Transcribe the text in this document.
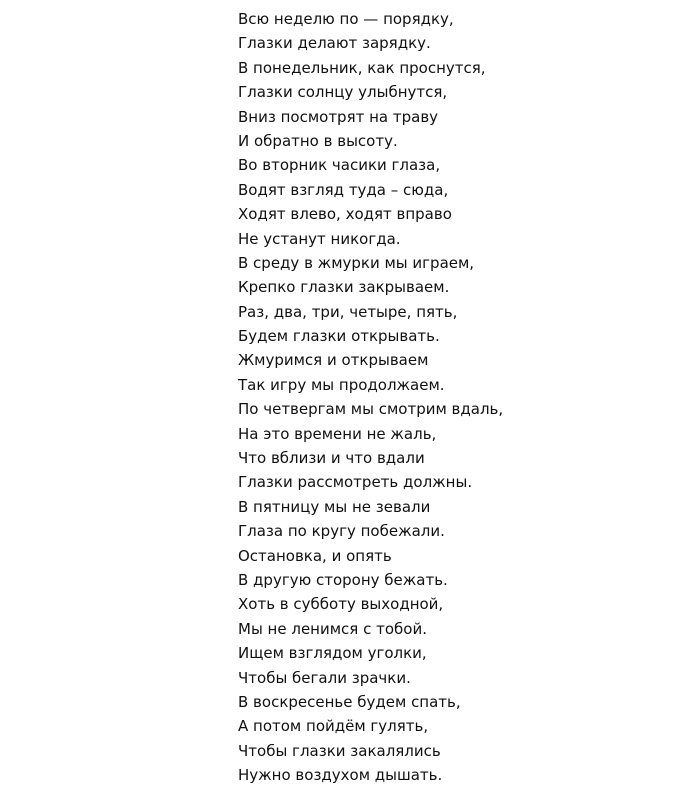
Всю неделю по — порядку,
Глазки делают зарядку.
В понедельник, как проснутся,
Глазки солнцу улыбнутся,
Вниз посмотрят на траву
И обратно в высоту.
Во вторник часики глаза,
Водят взгляд туда – сюда,
Ходят влево, ходят вправо
Не устанут никогда.
В среду в жмурки мы играем,
Крепко глазки закрываем.
Раз, два, три, четыре, пять,
Будем глазки открывать.
Жмуримся и открываем
Так игру мы продолжаем.
По четвергам мы смотрим вдаль,
На это времени не жаль,
Что вблизи и что вдали
Глазки рассмотреть должны.
В пятницу мы не зевали
Глаза по кругу побежали.
Остановка, и опять
В другую сторону бежать.
Хоть в субботу выходной,
Мы не ленимся с тобой.
Ищем взглядом уголки,
Чтобы бегали зрачки.
В воскресенье будем спать,
А потом пойдём гулять,
Чтобы глазки закалялись
Нужно воздухом дышать.
